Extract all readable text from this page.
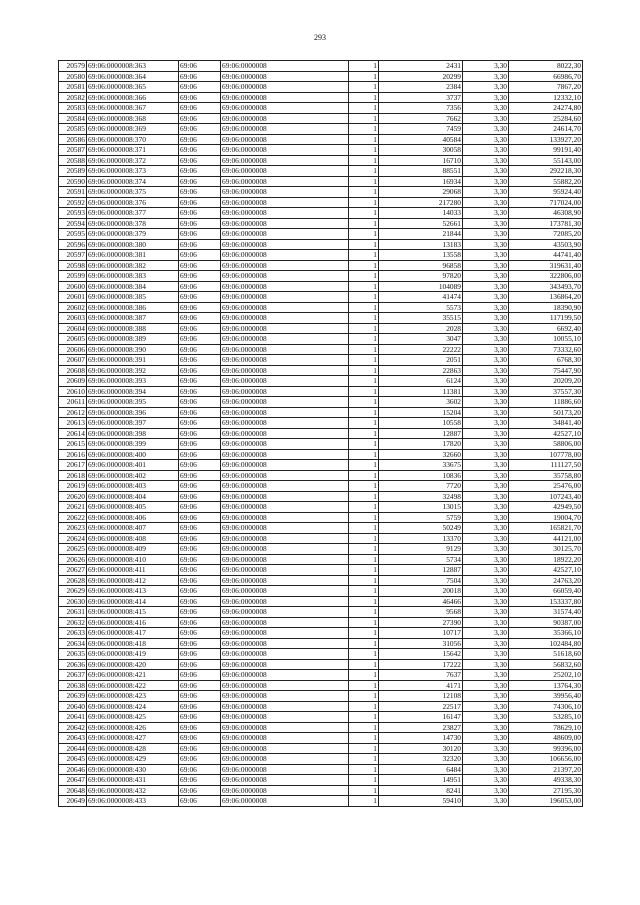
293
20579	69:06:0000008:363	69:06	69:06:0000008	1	2431	3,30	8022,30
20580	69:06:0000008:364	69:06	69:06:0000008	1	20299	3,30	66986,70
20581	69:06:0000008:365	69:06	69:06:0000008	1	2384	3,30	7867,20
20582	69:06:0000008:366	69:06	69:06:0000008	1	3737	3,30	12332,10
20583	69:06:0000008:367	69:06	69:06:0000008	1	7356	3,30	24274,80
20584	69:06:0000008:368	69:06	69:06:0000008	1	7662	3,30	25284,60
20585	69:06:0000008:369	69:06	69:06:0000008	1	7459	3,30	24614,70
20586	69:06:0000008:370	69:06	69:06:0000008	1	40584	3,30	133927,20
20587	69:06:0000008:371	69:06	69:06:0000008	1	30058	3,30	99191,40
20588	69:06:0000008:372	69:06	69:06:0000008	1	16710	3,30	55143,00
20589	69:06:0000008:373	69:06	69:06:0000008	1	88551	3,30	292218,30
20590	69:06:0000008:374	69:06	69:06:0000008	1	16934	3,30	55882,20
20591	69:06:0000008:375	69:06	69:06:0000008	1	29068	3,30	95924,40
20592	69:06:0000008:376	69:06	69:06:0000008	1	217280	3,30	717024,00
20593	69:06:0000008:377	69:06	69:06:0000008	1	14033	3,30	46308,90
20594	69:06:0000008:378	69:06	69:06:0000008	1	52661	3,30	173781,30
20595	69:06:0000008:379	69:06	69:06:0000008	1	21844	3,30	72085,20
20596	69:06:0000008:380	69:06	69:06:0000008	1	13183	3,30	43503,90
20597	69:06:0000008:381	69:06	69:06:0000008	1	13558	3,30	44741,40
20598	69:06:0000008:382	69:06	69:06:0000008	1	96858	3,30	319631,40
20599	69:06:0000008:383	69:06	69:06:0000008	1	97820	3,30	322806,00
20600	69:06:0000008:384	69:06	69:06:0000008	1	104089	3,30	343493,70
20601	69:06:0000008:385	69:06	69:06:0000008	1	41474	3,30	136864,20
20602	69:06:0000008:386	69:06	69:06:0000008	1	5573	3,30	18390,90
20603	69:06:0000008:387	69:06	69:06:0000008	1	35515	3,30	117199,50
20604	69:06:0000008:388	69:06	69:06:0000008	1	2028	3,30	6692,40
20605	69:06:0000008:389	69:06	69:06:0000008	1	3047	3,30	10055,10
20606	69:06:0000008:390	69:06	69:06:0000008	1	22222	3,30	73332,60
20607	69:06:0000008:391	69:06	69:06:0000008	1	2051	3,30	6768,30
20608	69:06:0000008:392	69:06	69:06:0000008	1	22863	3,30	75447,90
20609	69:06:0000008:393	69:06	69:06:0000008	1	6124	3,30	20209,20
20610	69:06:0000008:394	69:06	69:06:0000008	1	11381	3,30	37557,30
20611	69:06:0000008:395	69:06	69:06:0000008	1	3602	3,30	11886,60
20612	69:06:0000008:396	69:06	69:06:0000008	1	15204	3,30	50173,20
20613	69:06:0000008:397	69:06	69:06:0000008	1	10558	3,30	34841,40
20614	69:06:0000008:398	69:06	69:06:0000008	1	12887	3,30	42527,10
20615	69:06:0000008:399	69:06	69:06:0000008	1	17820	3,30	58806,00
20616	69:06:0000008:400	69:06	69:06:0000008	1	32660	3,30	107778,00
20617	69:06:0000008:401	69:06	69:06:0000008	1	33675	3,30	111127,50
20618	69:06:0000008:402	69:06	69:06:0000008	1	10836	3,30	35758,80
20619	69:06:0000008:403	69:06	69:06:0000008	1	7720	3,30	25476,00
20620	69:06:0000008:404	69:06	69:06:0000008	1	32498	3,30	107243,40
20621	69:06:0000008:405	69:06	69:06:0000008	1	13015	3,30	42949,50
20622	69:06:0000008:406	69:06	69:06:0000008	1	5759	3,30	19004,70
20623	69:06:0000008:407	69:06	69:06:0000008	1	50249	3,30	165821,70
20624	69:06:0000008:408	69:06	69:06:0000008	1	13370	3,30	44121,00
20625	69:06:0000008:409	69:06	69:06:0000008	1	9129	3,30	30125,70
20626	69:06:0000008:410	69:06	69:06:0000008	1	5734	3,30	18922,20
20627	69:06:0000008:411	69:06	69:06:0000008	1	12887	3,30	42527,10
20628	69:06:0000008:412	69:06	69:06:0000008	1	7504	3,30	24763,20
20629	69:06:0000008:413	69:06	69:06:0000008	1	20018	3,30	66059,40
20630	69:06:0000008:414	69:06	69:06:0000008	1	46466	3,30	153337,80
20631	69:06:0000008:415	69:06	69:06:0000008	1	9568	3,30	31574,40
20632	69:06:0000008:416	69:06	69:06:0000008	1	27390	3,30	90387,00
20633	69:06:0000008:417	69:06	69:06:0000008	1	10717	3,30	35366,10
20634	69:06:0000008:418	69:06	69:06:0000008	1	31056	3,30	102484,80
20635	69:06:0000008:419	69:06	69:06:0000008	1	15642	3,30	51618,60
20636	69:06:0000008:420	69:06	69:06:0000008	1	17222	3,30	56832,60
20637	69:06:0000008:421	69:06	69:06:0000008	1	7637	3,30	25202,10
20638	69:06:0000008:422	69:06	69:06:0000008	1	4171	3,30	13764,30
20639	69:06:0000008:423	69:06	69:06:0000008	1	12108	3,30	39956,40
20640	69:06:0000008:424	69:06	69:06:0000008	1	22517	3,30	74306,10
20641	69:06:0000008:425	69:06	69:06:0000008	1	16147	3,30	53285,10
20642	69:06:0000008:426	69:06	69:06:0000008	1	23827	3,30	78629,10
20643	69:06:0000008:427	69:06	69:06:0000008	1	14730	3,30	48609,00
20644	69:06:0000008:428	69:06	69:06:0000008	1	30120	3,30	99396,00
20645	69:06:0000008:429	69:06	69:06:0000008	1	32320	3,30	106656,00
20646	69:06:0000008:430	69:06	69:06:0000008	1	6484	3,30	21397,20
20647	69:06:0000008:431	69:06	69:06:0000008	1	14951	3,30	49338,30
20648	69:06:0000008:432	69:06	69:06:0000008	1	8241	3,30	27195,30
20649	69:06:0000008:433	69:06	69:06:0000008	1	59410	3,30	196053,00
